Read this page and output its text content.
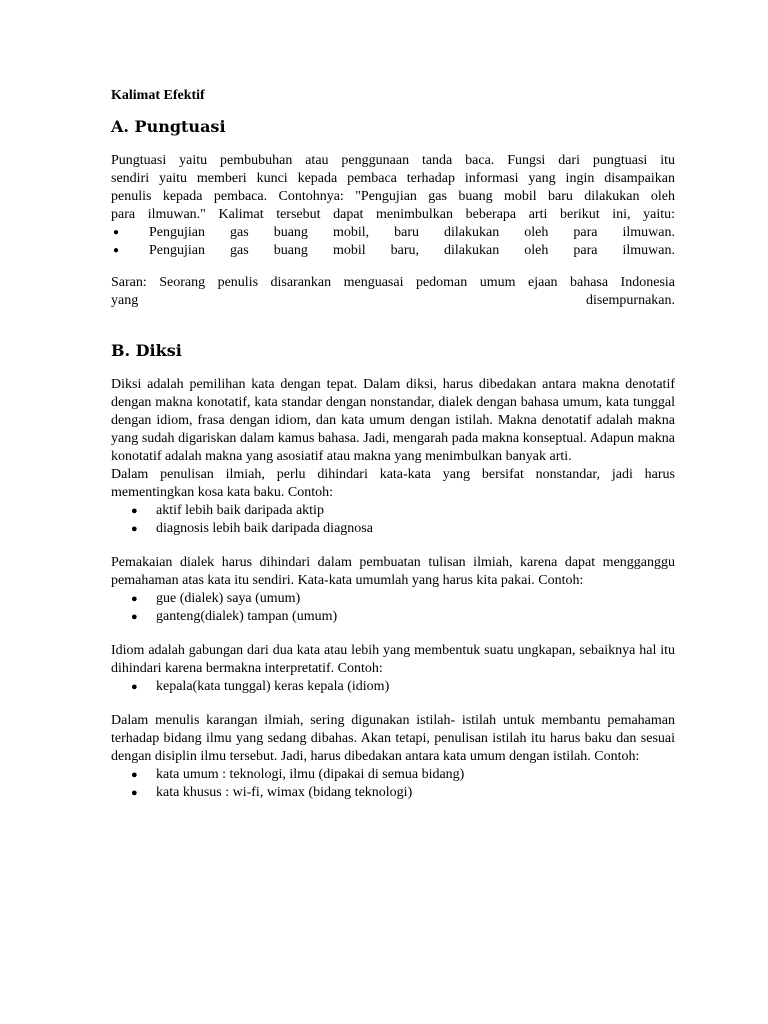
Kalimat Efektif

A. Pungtuasi

Pungtuasi yaitu pembubuhan atau penggunaan tanda baca. Fungsi dari pungtuasi itu

sendiri yaitu memberi kunci kepada pembaca terhadap informasi yang ingin disampaikan

penulis kepada pembaca. Contohnya: "Pengujian gas buang mobil baru dilakukan oleh

para ilmuwan." Kalimat tersebut dapat menimbulkan beberapa arti berikut ini, yaitu:

● Pengujian gas buang mobil, baru dilakukan oleh para ilmuwan.
● Pengujian gas buang mobil baru, dilakukan oleh para ilmuwan.

Saran: Seorang penulis disarankan menguasai pedoman umum ejaan bahasa Indonesia

yang disempurnakan.

B. Diksi

Diksi adalah pemilihan kata dengan tepat. Dalam diksi, harus dibedakan antara makna denotatif dengan makna konotatif, kata standar dengan nonstandar, dialek dengan bahasa umum, kata tunggal dengan idiom, frasa dengan idiom, dan kata umum dengan istilah. Makna denotatif adalah makna yang sudah digariskan dalam kamus bahasa. Jadi, mengarah pada makna konseptual. Adapun makna konotatif adalah makna yang asosiatif atau makna yang menimbulkan banyak arti.

Dalam penulisan ilmiah, perlu dihindari kata-kata yang bersifat nonstandar, jadi harus mementingkan kosa kata baku. Contoh:

● aktif lebih baik daripada aktip
● diagnosis lebih baik daripada diagnosa

Pemakaian dialek harus dihindari dalam pembuatan tulisan ilmiah, karena dapat mengganggu pemahaman atas kata itu sendiri. Kata-kata umumlah yang harus kita pakai. Contoh:

● gue (dialek) saya (umum)
● ganteng(dialek) tampan (umum)

Idiom adalah gabungan dari dua kata atau lebih yang membentuk suatu ungkapan, sebaiknya hal itu dihindari karena bermakna interpretatif. Contoh:

● kepala(kata tunggal) keras kepala (idiom)

Dalam menulis karangan ilmiah, sering digunakan istilah- istilah untuk membantu pemahaman terhadap bidang ilmu yang sedang dibahas. Akan tetapi, penulisan istilah itu harus baku dan sesuai dengan disiplin ilmu tersebut. Jadi, harus dibedakan antara kata umum dengan istilah. Contoh:

● kata umum : teknologi, ilmu (dipakai di semua bidang)
● kata khusus : wi-fi, wimax (bidang teknologi)
